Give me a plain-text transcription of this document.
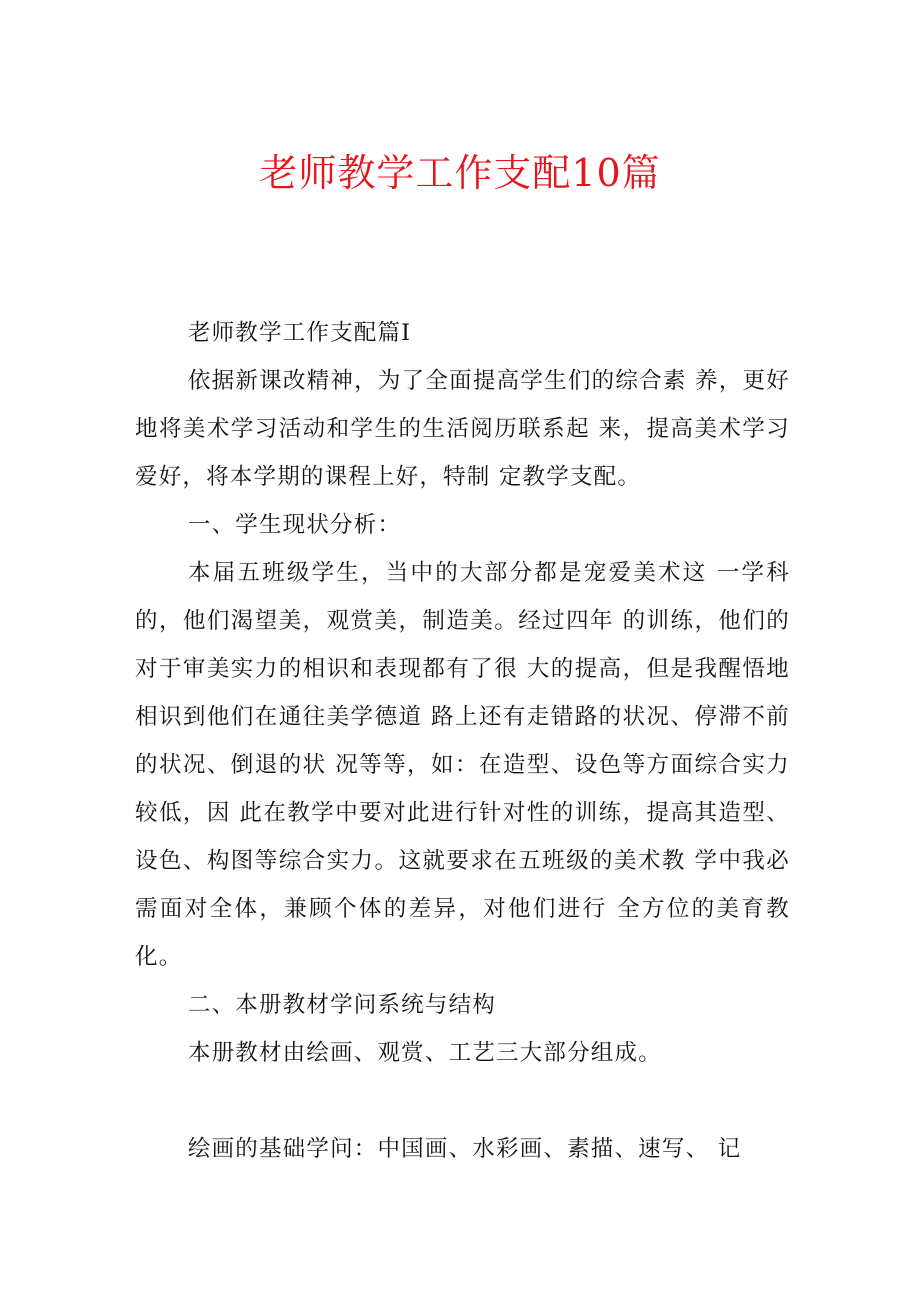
老师教学工作支配10篇

老师教学工作支配篇Ⅰ

依据新课改精神，为了全面提高学生们的综合素 养，更好地将美术学习活动和学生的生活阅历联系起 来，提高美术学习爱好，将本学期的课程上好，特制 定教学支配。

一、学生现状分析：

本届五班级学生，当中的大部分都是宠爱美术这 一学科的，他们渴望美，观赏美，制造美。经过四年 的训练，他们的对于审美实力的相识和表现都有了很 大的提高，但是我醒悟地相识到他们在通往美学德道 路上还有走错路的状况、停滞不前的状况、倒退的状 况等等，如：在造型、设色等方面综合实力较低，因 此在教学中要对此进行针对性的训练，提高其造型、 设色、构图等综合实力。这就要求在五班级的美术教 学中我必需面对全体，兼顾个体的差异，对他们进行 全方位的美育教化。

二、本册教材学问系统与结构

本册教材由绘画、观赏、工艺三大部分组成。

绘画的基础学问：中国画、水彩画、素描、速写、 记
